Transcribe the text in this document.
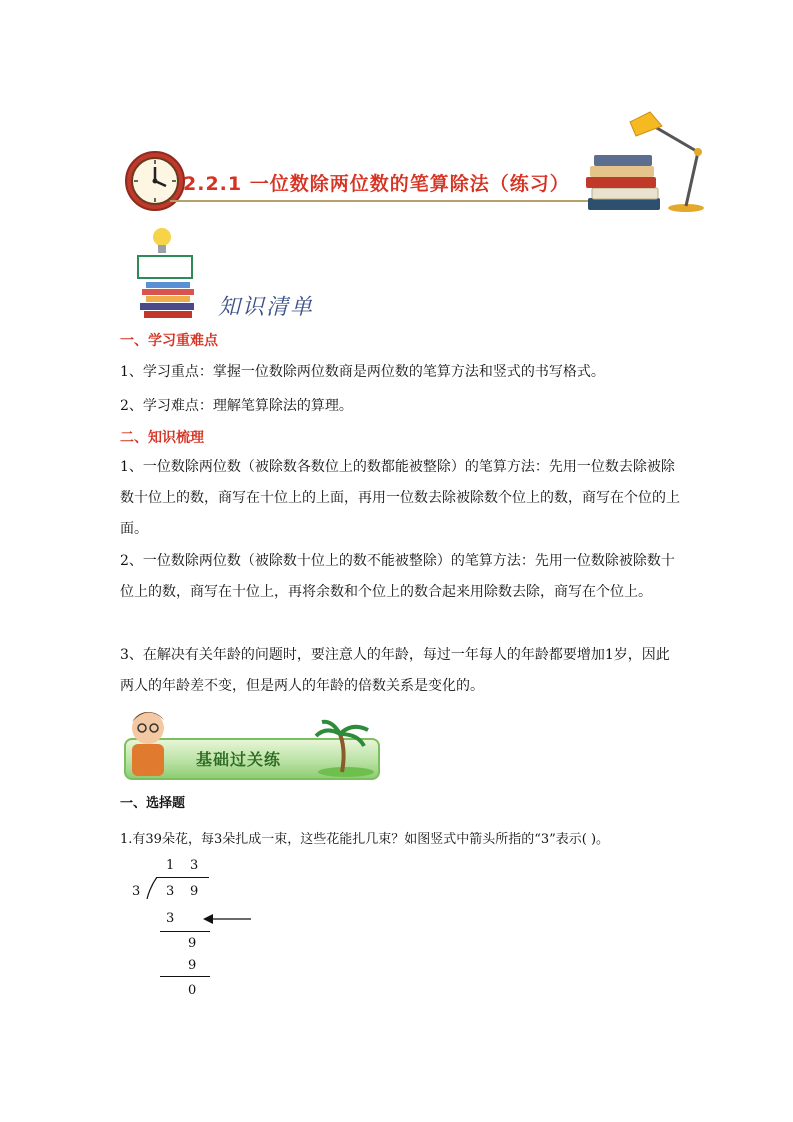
2.2.1 一位数除两位数的笔算除法（练习）
知识清单
一、学习重难点
1、学习重点：掌握一位数除两位数商是两位数的笔算方法和竖式的书写格式。
2、学习难点：理解笔算除法的算理。
二、知识梳理
1、一位数除两位数（被除数各数位上的数都能被整除）的笔算方法：先用一位数去除被除数十位上的数，商写在十位上的上面，再用一位数去除被除数个位上的数，商写在个位的上面。
2、一位数除两位数（被除数十位上的数不能被整除）的笔算方法：先用一位数除被除数十位上的数，商写在十位上，再将余数和个位上的数合起来用除数去除，商写在个位上。
3、在解决有关年龄的问题时，要注意人的年龄，每过一年每人的年龄都要增加1岁，因此两人的年龄差不变，但是两人的年龄的倍数关系是变化的。
基础过关练
一、选择题
1.有39朵花，每3朵扎成一束，这些花能扎几束？如图竖式中箭头所指的“3”表示( )。
1 3
3 3 9
3
9
9
0
